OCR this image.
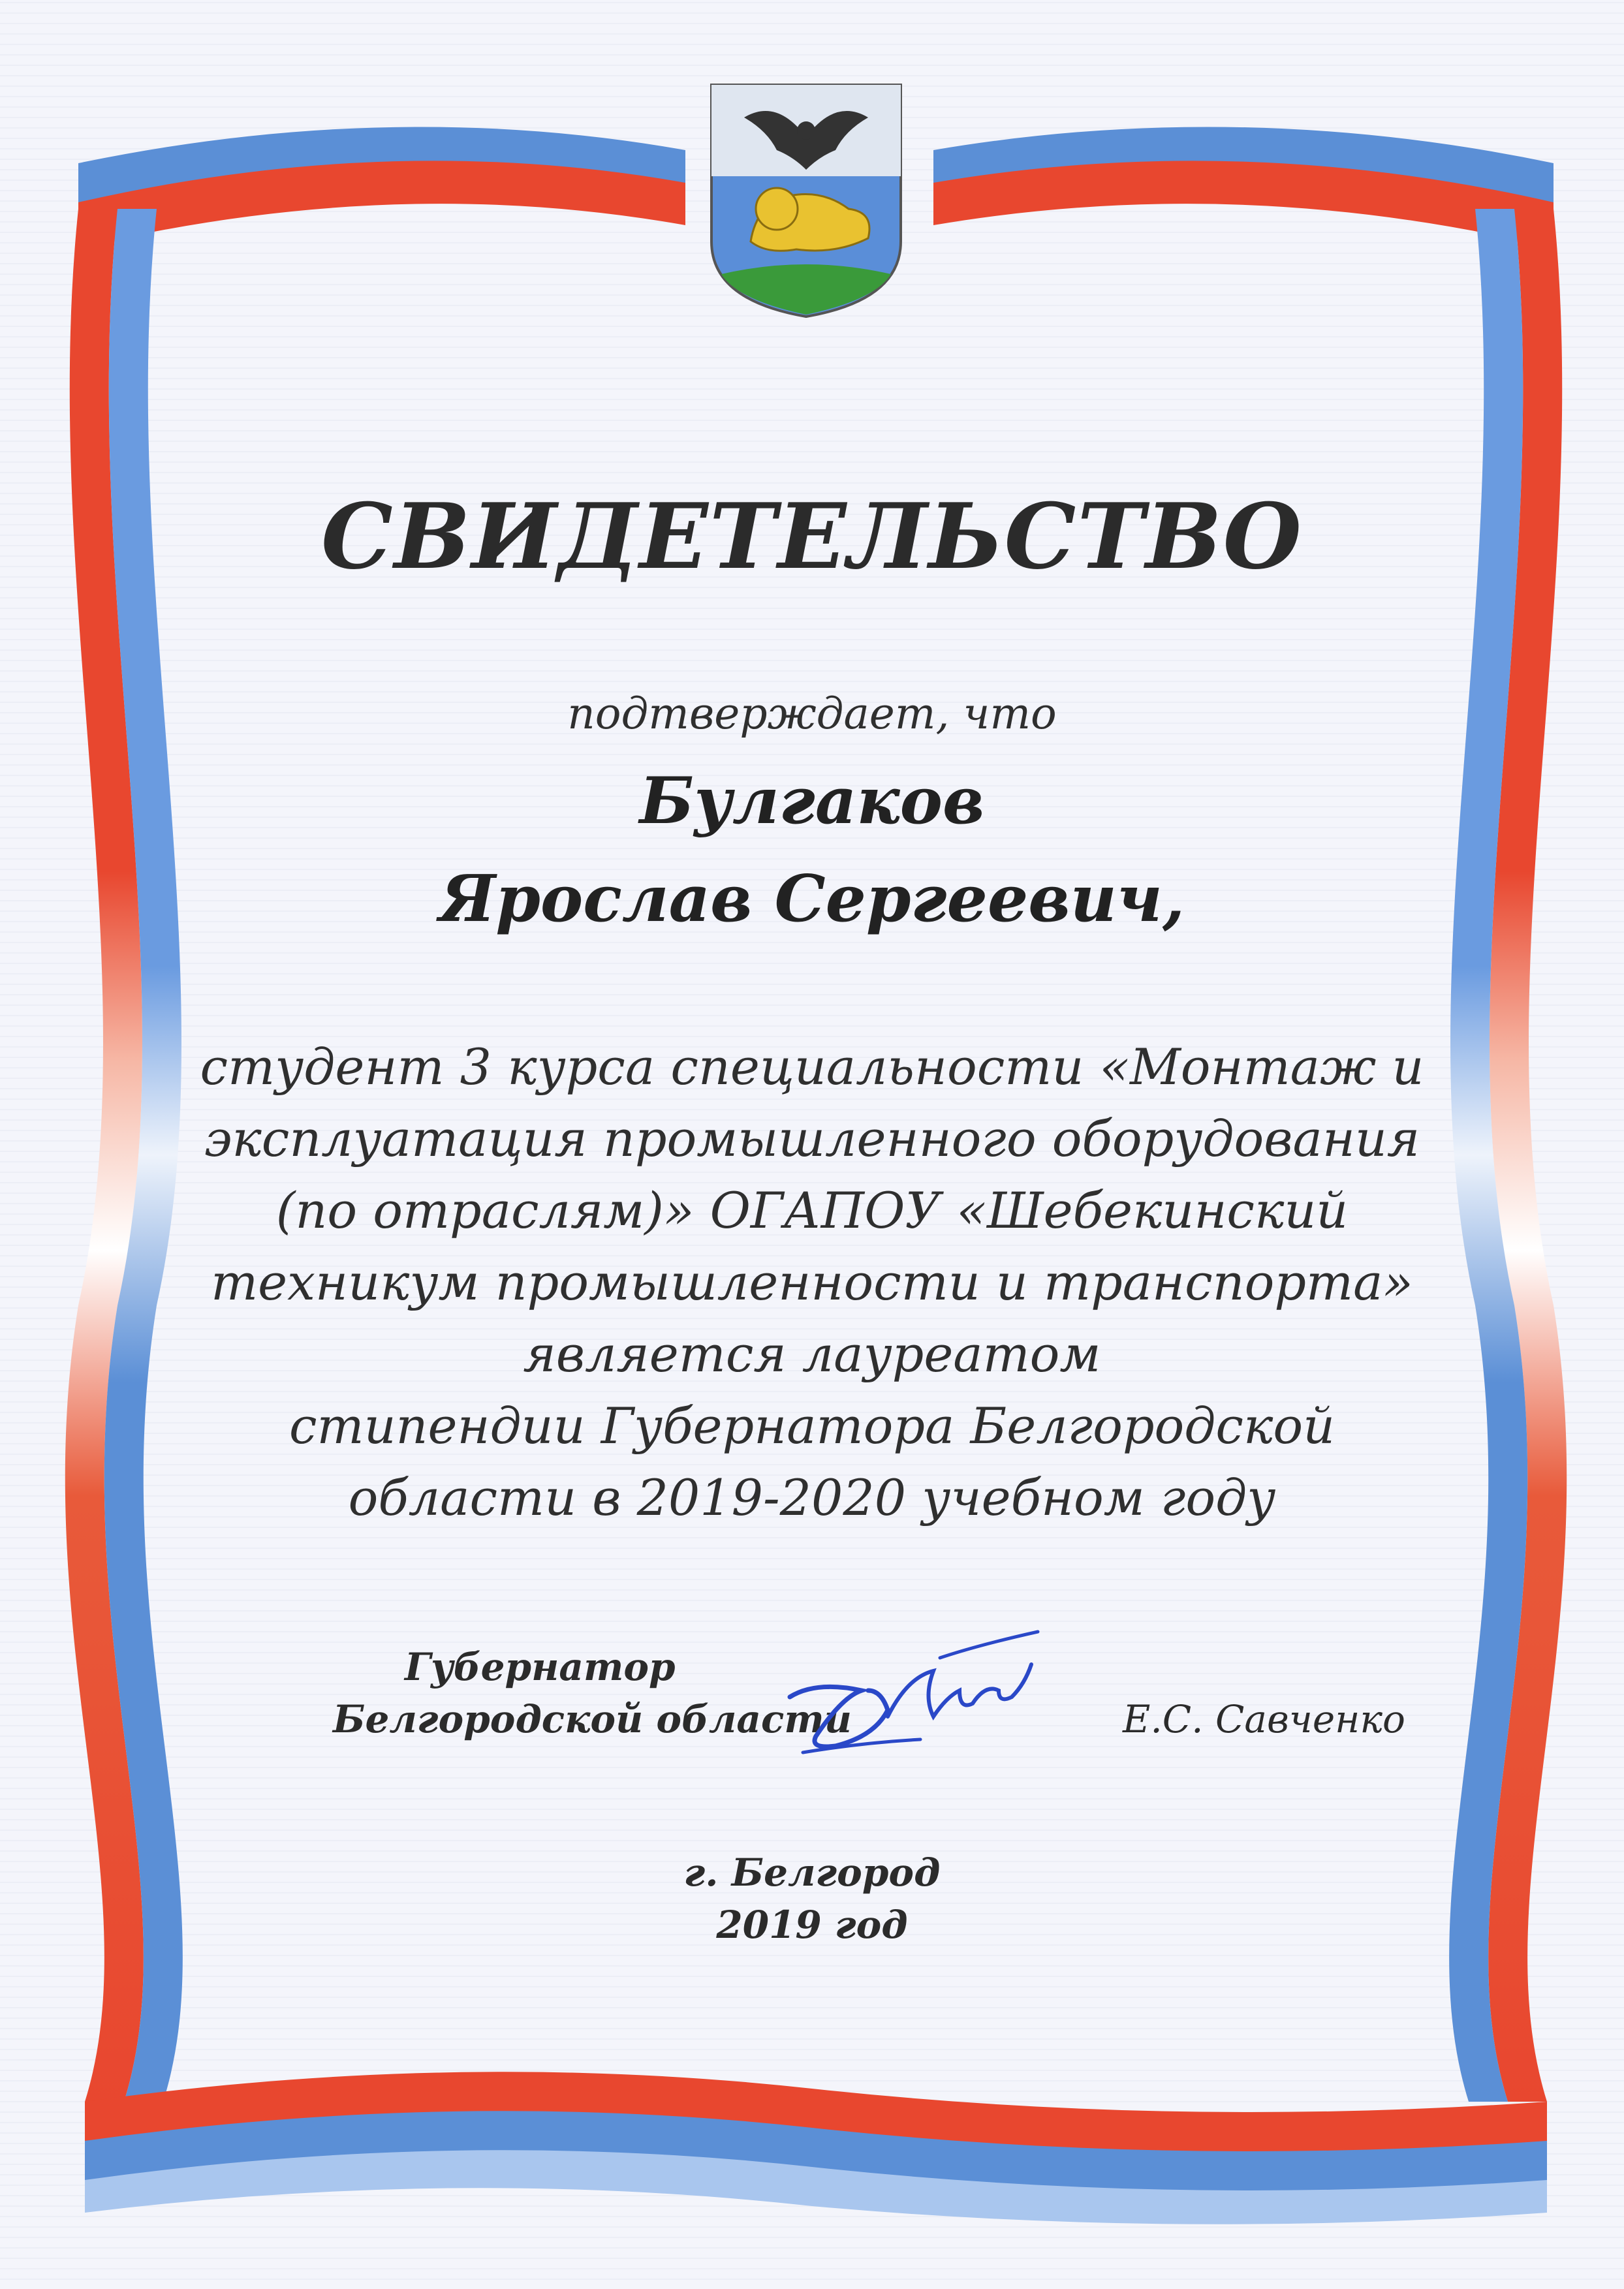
СВИДЕТЕЛЬСТВО
подтверждает, что
Булгаков
Ярослав Сергеевич,
студент 3 курса специальности «Монтаж и
эксплуатация промышленного оборудования
(по отраслям)» ОГАПОУ «Шебекинский
техникум промышленности и транспорта»
является лауреатом
стипендии Губернатора Белгородской
области в 2019-2020 учебном году
Губернатор
Белгородской области	Е.С. Савченко
г. Белгород
2019 год
